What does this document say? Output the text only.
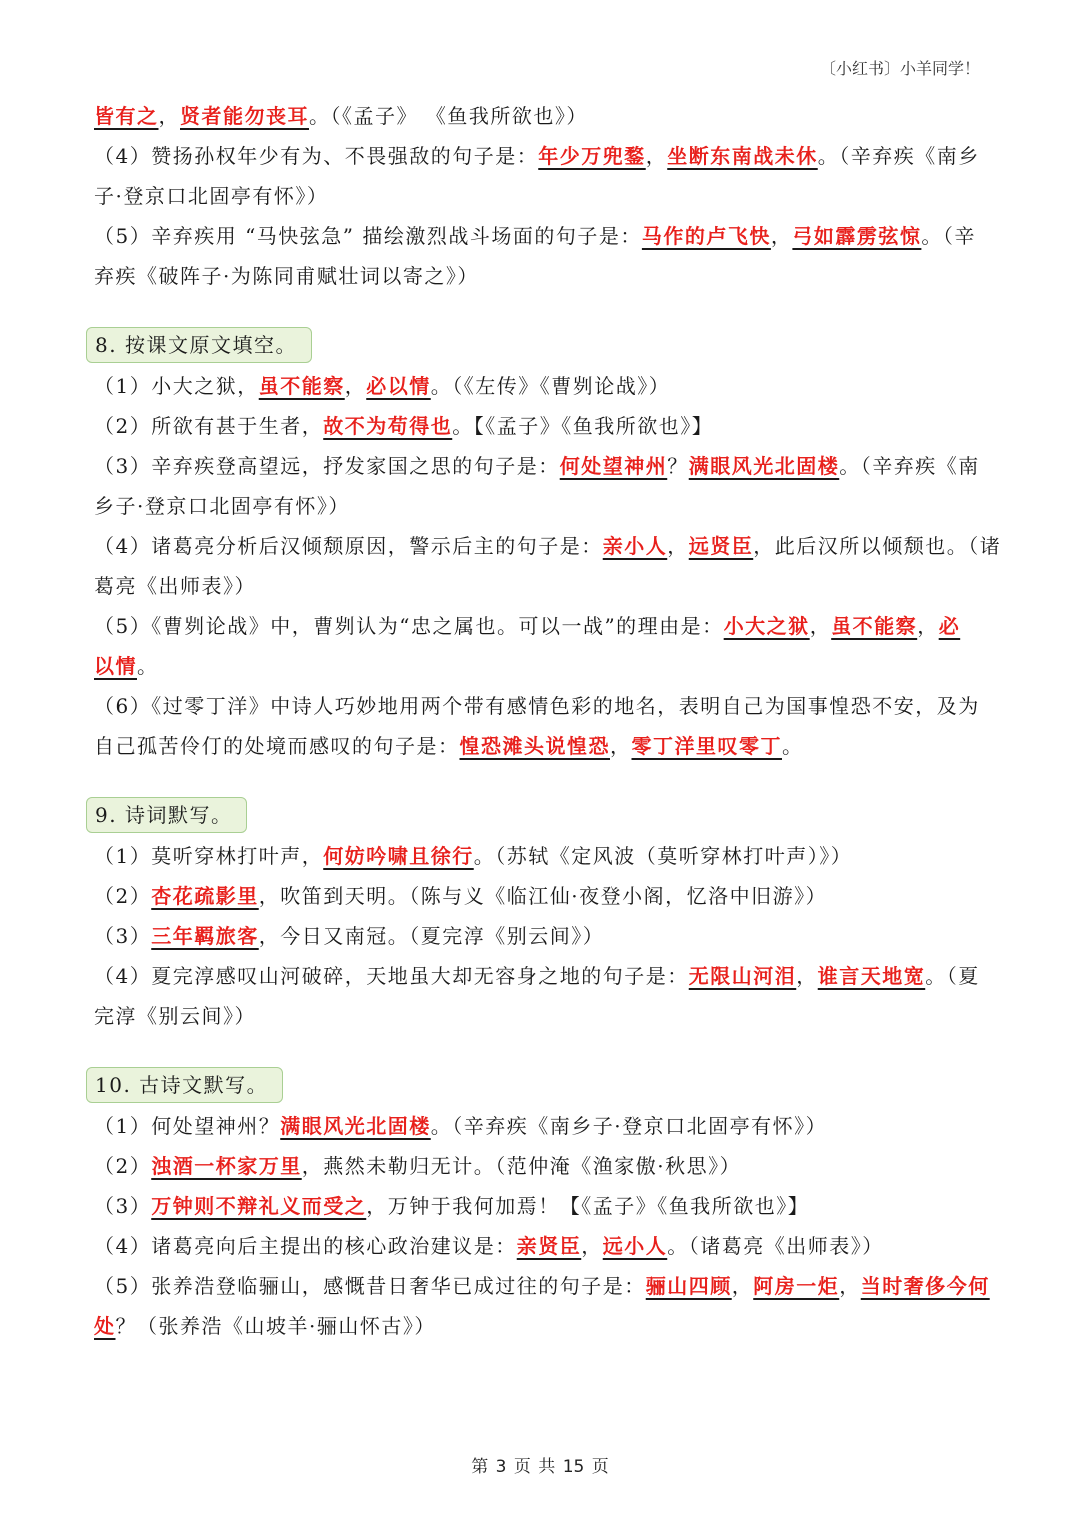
〔小红书〕小羊同学！
皆有之，贤者能勿丧耳。（《孟子》 《鱼我所欲也》）
（4）赞扬孙权年少有为、不畏强敌的句子是：年少万兜鍪，坐断东南战未休。（辛弃疾《南乡
子·登京口北固亭有怀》）
（5）辛弃疾用 “马快弦急” 描绘激烈战斗场面的句子是：马作的卢飞快，弓如霹雳弦惊。（辛
弃疾《破阵子·为陈同甫赋壮词以寄之》）
8. 按课文原文填空。
（1）小大之狱，虽不能察，必以情。（《左传》《曹刿论战》）
（2）所欲有甚于生者，故不为苟得也。【《孟子》《鱼我所欲也》】
（3）辛弃疾登高望远，抒发家国之思的句子是：何处望神州？满眼风光北固楼。（辛弃疾《南
乡子·登京口北固亭有怀》）
（4）诸葛亮分析后汉倾颓原因，警示后主的句子是：亲小人，远贤臣，此后汉所以倾颓也。（诸
葛亮《出师表》）
（5）《曹刿论战》中，曹刿认为“忠之属也。可以一战”的理由是：小大之狱，虽不能察，必
以情。
（6）《过零丁洋》中诗人巧妙地用两个带有感情色彩的地名，表明自己为国事惶恐不安，及为
自己孤苦伶仃的处境而感叹的句子是：惶恐滩头说惶恐，零丁洋里叹零丁。
9. 诗词默写。
（1）莫听穿林打叶声，何妨吟啸且徐行。（苏轼《定风波（莫听穿林打叶声）》）
（2）杏花疏影里，吹笛到天明。（陈与义《临江仙·夜登小阁，忆洛中旧游》）
（3）三年羁旅客，今日又南冠。（夏完淳《别云间》）
（4）夏完淳感叹山河破碎，天地虽大却无容身之地的句子是：无限山河泪，谁言天地宽。（夏
完淳《别云间》）
10. 古诗文默写。
（1）何处望神州？满眼风光北固楼。（辛弃疾《南乡子·登京口北固亭有怀》）
（2）浊酒一杯家万里，燕然未勒归无计。（范仲淹《渔家傲·秋思》）
（3）万钟则不辩礼义而受之，万钟于我何加焉！【《孟子》《鱼我所欲也》】
（4）诸葛亮向后主提出的核心政治建议是：亲贤臣，远小人。（诸葛亮《出师表》）
（5）张养浩登临骊山，感慨昔日奢华已成过往的句子是：骊山四顾，阿房一炬，当时奢侈今何
处？（张养浩《山坡羊·骊山怀古》）
第 3 页 共 15 页
